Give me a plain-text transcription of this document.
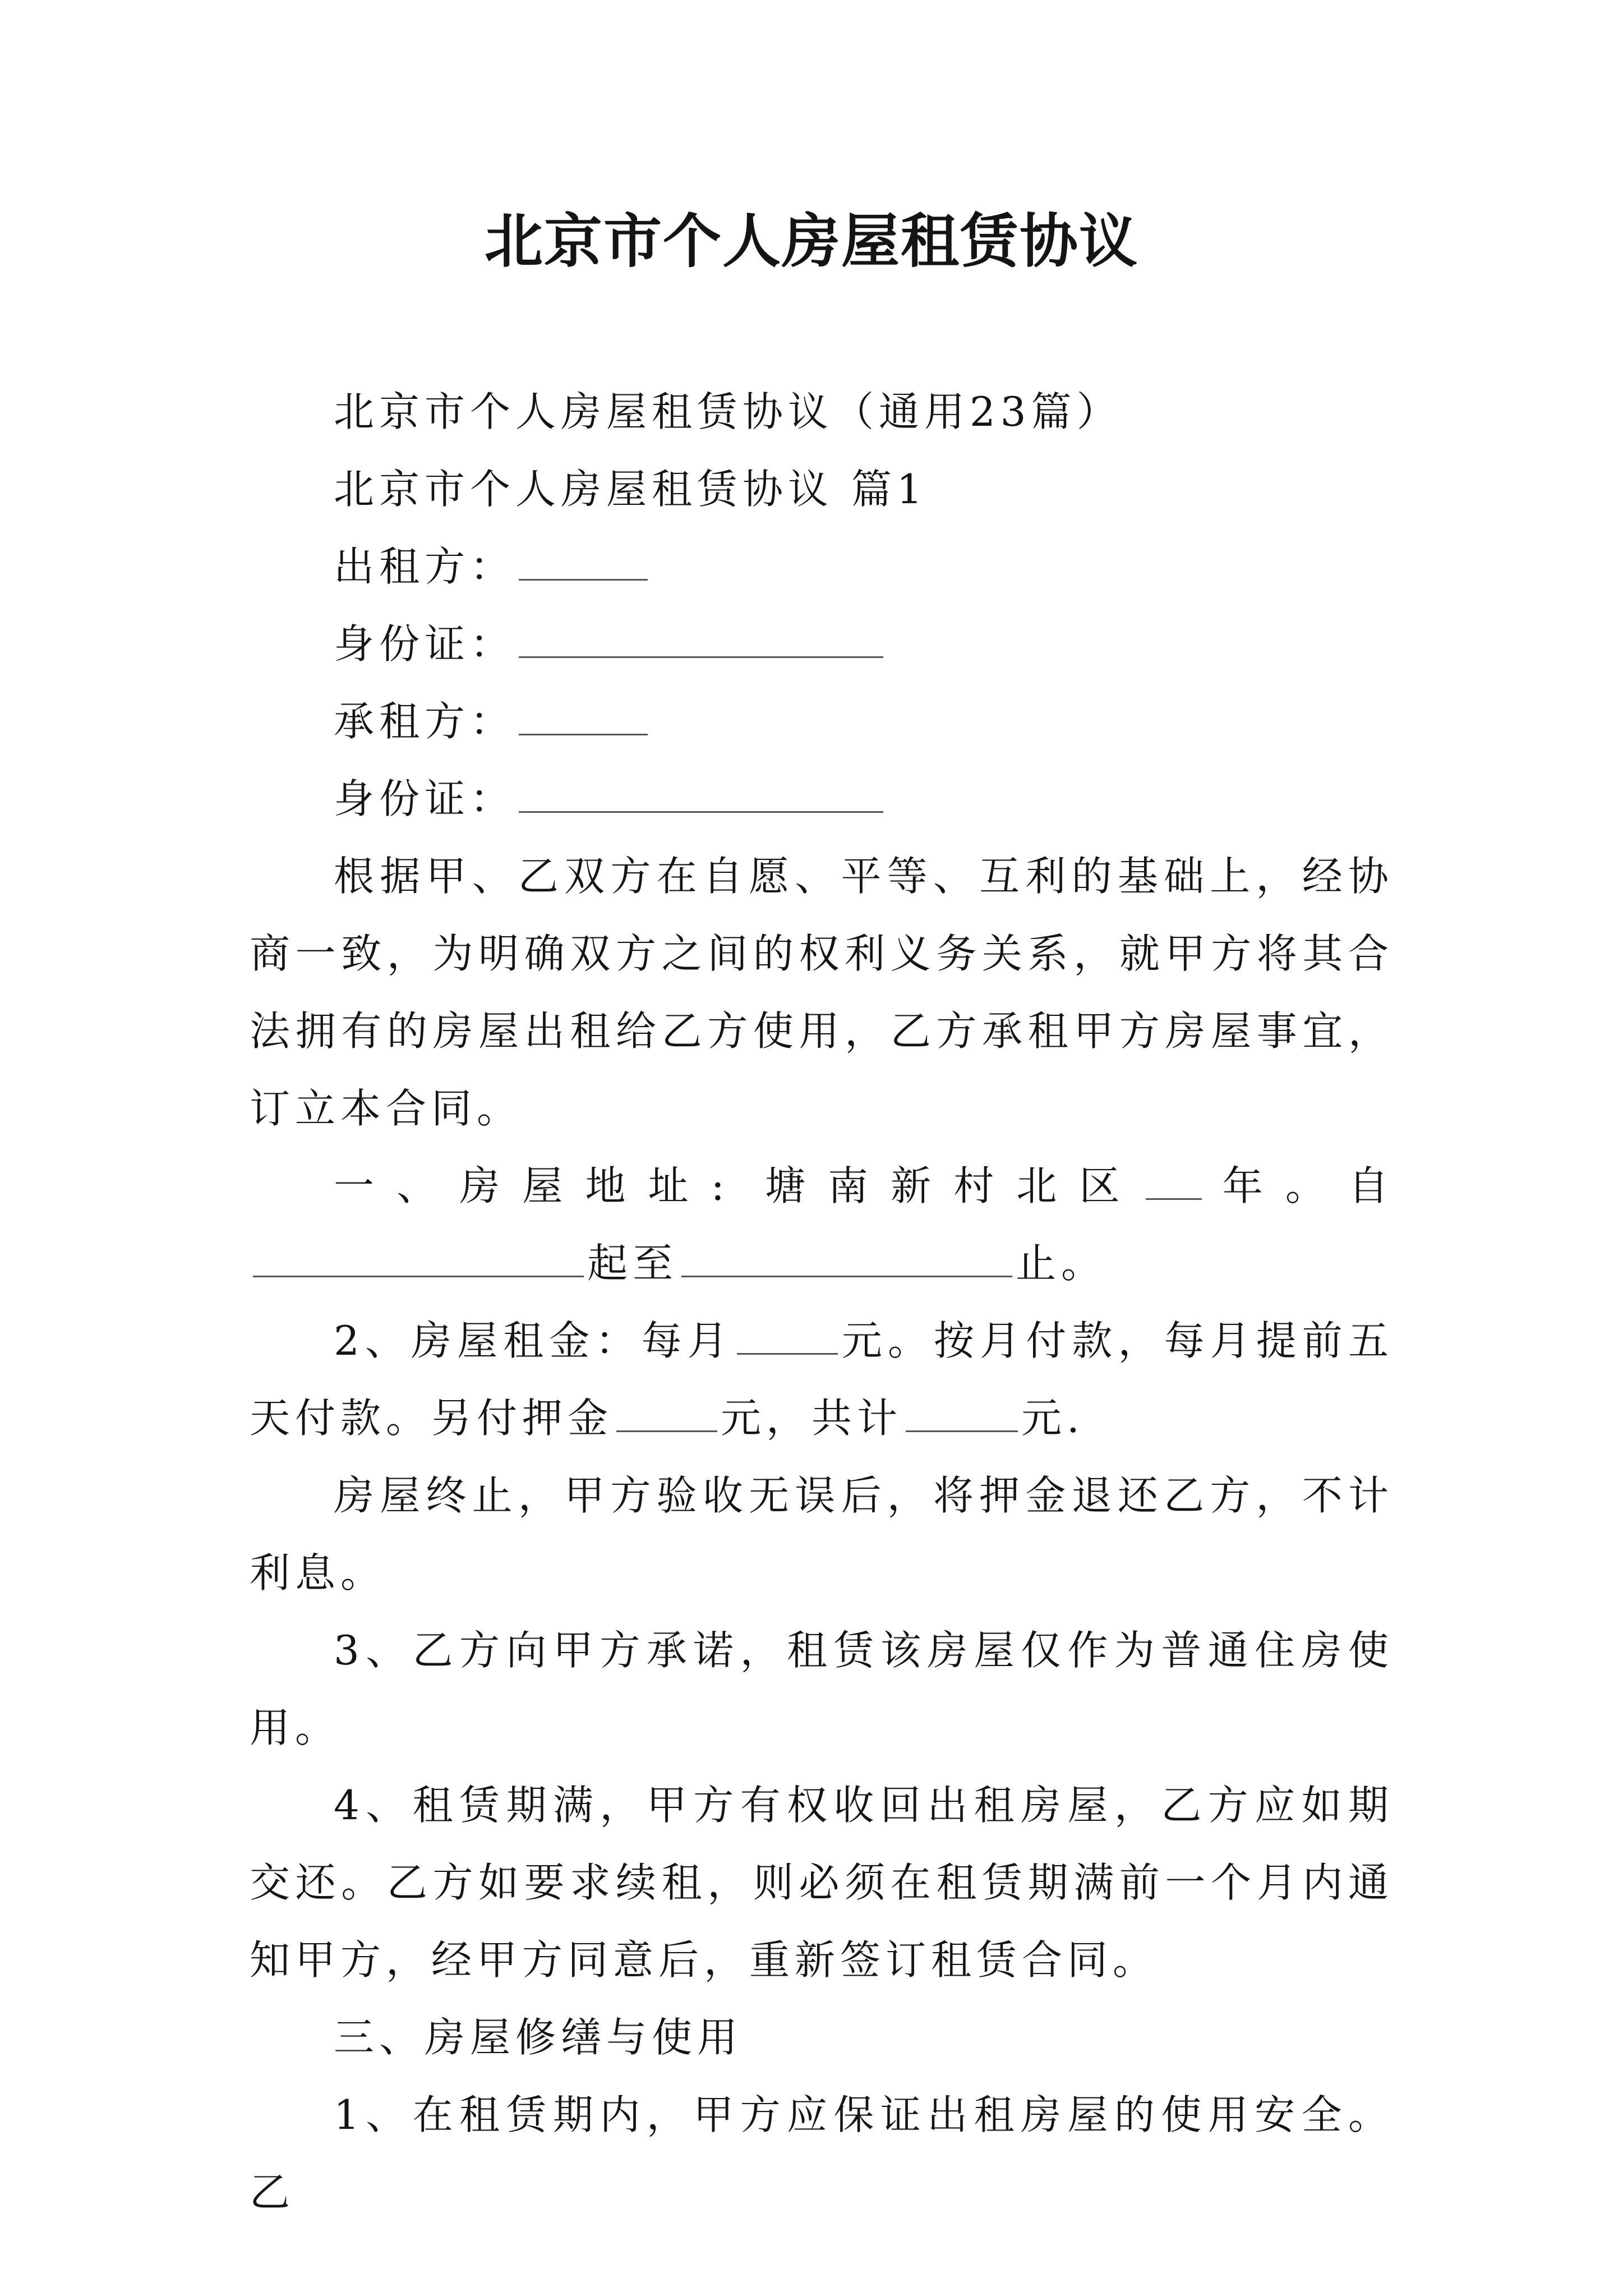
北京市个人房屋租赁协议

北京市个人房屋租赁协议（通用23篇）

北京市个人房屋租赁协议 篇1

出租方：

身份证：

承租方：

身份证：

根据甲、乙双方在自愿、平等、互利的基础上，经协商一致，为明确双方之间的权利义务关系，就甲方将其合法拥有的房屋出租给乙方使用，乙方承租甲方房屋事宜，订立本合同。

一、房屋地址: 塘南新村北区 年。自起至	止。

2、房屋租金：每月	元。按月付款，每月提前五天付款。另付押金	元，共计	元.

房屋终止，甲方验收无误后，将押金退还乙方，不计利息。

3、乙方向甲方承诺，租赁该房屋仅作为普通住房使用。

4、租赁期满，甲方有权收回出租房屋，乙方应如期交还。乙方如要求续租，则必须在租赁期满前一个月内通知甲方，经甲方同意后，重新签订租赁合同。

三、房屋修缮与使用

1、在租赁期内，甲方应保证出租房屋的使用安全。乙
